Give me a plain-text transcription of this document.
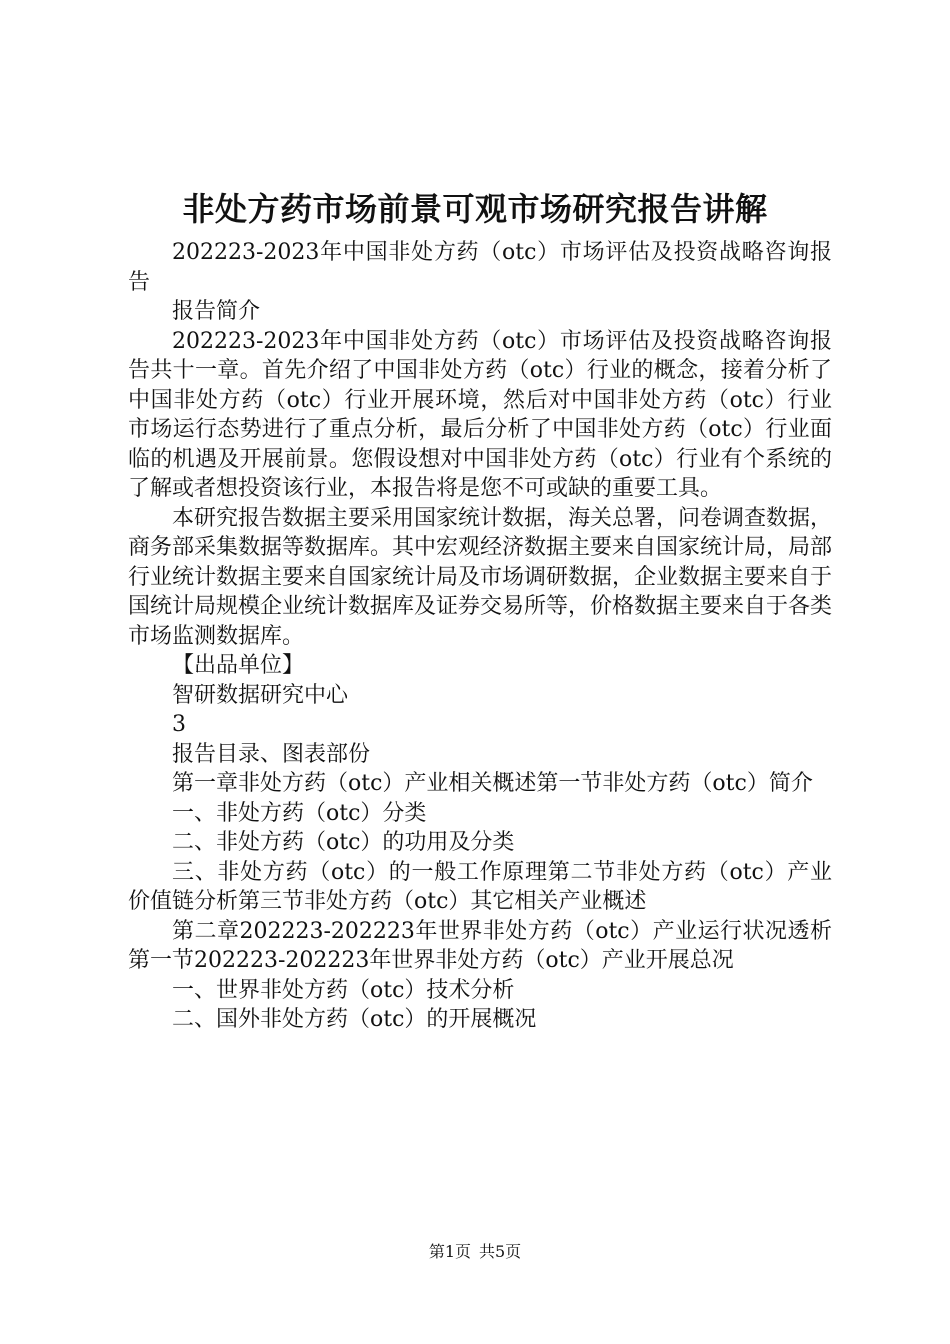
非处方药市场前景可观市场研究报告讲解

202223-2023年中国非处方药（otc）市场评估及投资战略咨询报告

报告简介

202223-2023年中国非处方药（otc）市场评估及投资战略咨询报告共十一章。首先介绍了中国非处方药（otc）行业的概念，接着分析了中国非处方药（otc）行业开展环境，然后对中国非处方药（otc）行业市场运行态势进行了重点分析，最后分析了中国非处方药（otc）行业面临的机遇及开展前景。您假设想对中国非处方药（otc）行业有个系统的了解或者想投资该行业，本报告将是您不可或缺的重要工具。

本研究报告数据主要采用国家统计数据，海关总署，问卷调查数据，商务部采集数据等数据库。其中宏观经济数据主要来自国家统计局，局部行业统计数据主要来自国家统计局及市场调研数据，企业数据主要来自于国统计局规模企业统计数据库及证券交易所等，价格数据主要来自于各类市场监测数据库。

【出品单位】

智研数据研究中心

3

报告目录、图表部份

第一章非处方药（otc）产业相关概述第一节非处方药（otc）简介

一、非处方药（otc）分类

二、非处方药（otc）的功用及分类

三、非处方药（otc）的一般工作原理第二节非处方药（otc）产业价值链分析第三节非处方药（otc）其它相关产业概述

第二章202223-202223年世界非处方药（otc）产业运行状况透析第一节202223-202223年世界非处方药（otc）产业开展总况

一、世界非处方药（otc）技术分析

二、国外非处方药（otc）的开展概况

第1页 共5页
